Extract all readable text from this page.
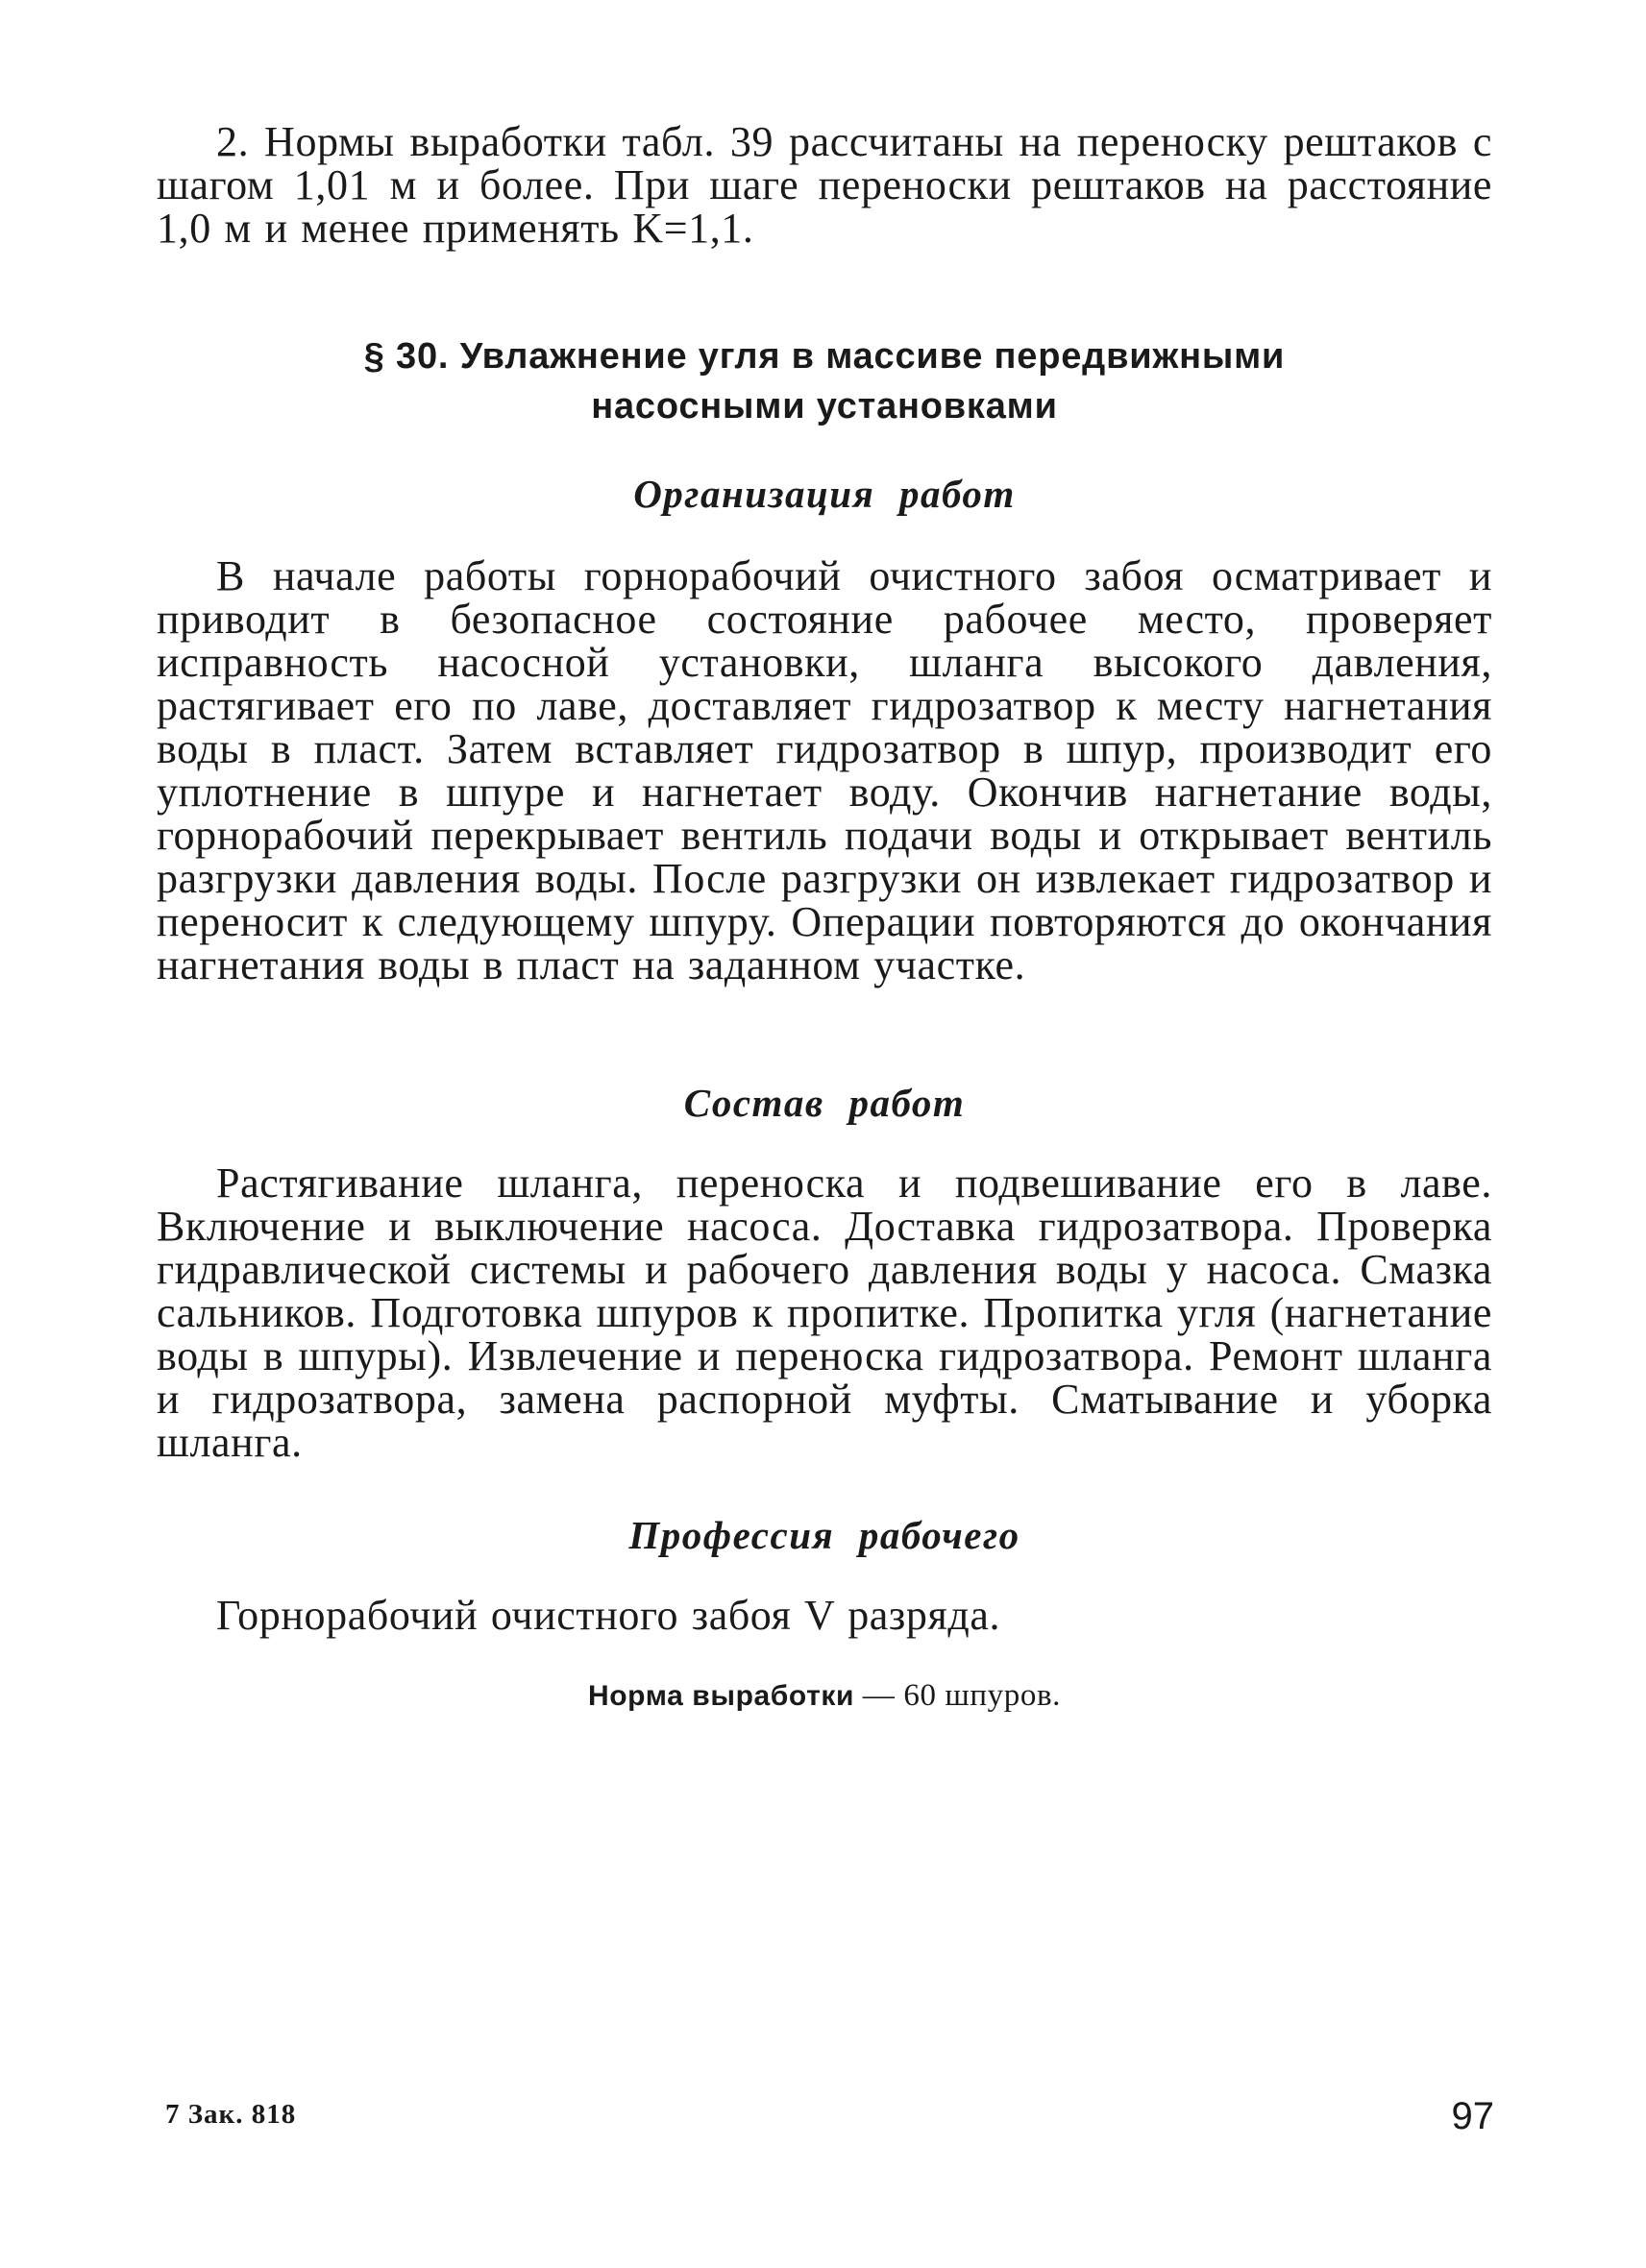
2. Нормы выработки табл. 39 рассчитаны на переноску рештаков с шагом 1,01 м и более. При шаге переноски рештаков на расстояние 1,0 м и менее применять K=1,1.

§ 30. Увлажнение угля в массиве передвижными
насосными установками
Организация работ

В начале работы горнорабочий очистного забоя осматривает и приводит в безопасное состояние рабочее место, проверяет исправность насосной установки, шланга высокого давления, растягивает его по лаве, доставляет гидрозатвор к месту нагнетания воды в пласт. Затем вставляет гидрозатвор в шпур, производит его уплотнение в шпуре и нагнетает воду. Окончив нагнетание воды, горнорабочий перекрывает вентиль подачи воды и открывает вентиль разгрузки давления воды. После разгрузки он извлекает гидрозатвор и переносит к следующему шпуру. Операции повторяются до окончания нагнетания воды в пласт на заданном участке.

Состав работ

Растягивание шланга, переноска и подвешивание его в лаве. Включение и выключение насоса. Доставка гидрозатвора. Проверка гидравлической системы и рабочего давления воды у насоса. Смазка сальников. Подготовка шпуров к пропитке. Пропитка угля (нагнетание воды в шпуры). Извлечение и переноска гидрозатвора. Ремонт шланга и гидрозатвора, замена распорной муфты. Сматывание и уборка шланга.

Профессия рабочего

Горнорабочий очистного забоя V разряда.

Норма выработки — 60 шпуров.

7 Зак. 818	97
